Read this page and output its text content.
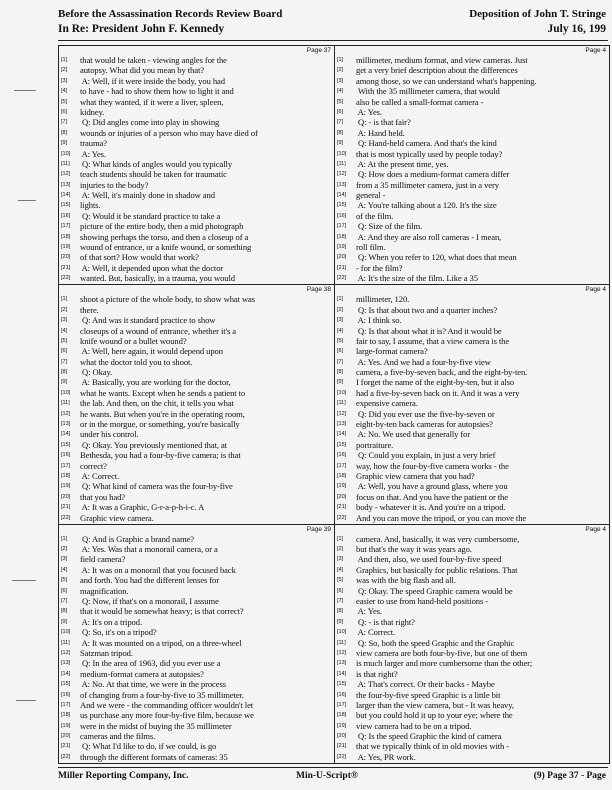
Before the Assassination Records Review Board
In Re: President John F. Kennedy
Deposition of John T. Stringe
July 16, 199
Page 37
[1] that would be taken - viewing angles for the
[2] autopsy. What did you mean by that?
[3] A: Well, if it were inside the body, you had
[4] to have - had to show them how to light it and
[5] what they wanted, if it were a liver, spleen,
[6] kidney.
[7] Q: Did angles come into play in showing
[8] wounds or injuries of a person who may have died of
[9] trauma?
[10] A: Yes.
[11] Q: What kinds of angles would you typically
[12] teach students should be taken for traumatic
[13] injuries to the body?
[14] A: Well, it's mainly done in shadow and
[15] lights.
[16] Q: Would it be standard practice to take a
[17] picture of the entire body, then a mid photograph
[18] showing perhaps the torso, and then a closeup of a
[19] wound of entrance, or a knife wound, or something
[20] of that sort? How would that work?
[21] A: Well, it depended upon what the doctor
[22] wanted. But, basically, in a trauma, you would
Page 4
[1] millimeter, medium format, and view cameras. Just
[2] get a very brief description about the differences
[3] among those, so we can understand what's happening.
[4] With the 35 millimeter camera, that would
[5] also be called a small-format camera -
[6] A: Yes.
[7] Q: - is that fair?
[8] A: Hand held.
[9] Q: Hand-held camera. And that's the kind
[10] that is most typically used by people today?
[11] A: At the present time, yes.
[12] Q: How does a medium-format camera differ
[13] from a 35 millimeter camera, just in a very
[14] general -
[15] A: You're talking about a 120. It's the size
[16] of the film.
[17] Q: Size of the film.
[18] A: And they are also roll cameras - I mean,
[19] roll film.
[20] Q: When you refer to 120, what does that mean
[21] - for the film?
[22] A: It's the size of the film. Like a 35
Page 38
[1] shoot a picture of the whole body, to show what was
[2] there.
[3] Q: And was it standard practice to show
[4] closeups of a wound of entrance, whether it's a
[5] knife wound or a bullet wound?
[6] A: Well, here again, it would depend upon
[7] what the doctor told you to shoot.
[8] Q: Okay.
[9] A: Basically, you are working for the doctor,
[10] what he wants. Except when he sends a patient to
[11] the lab. And then, on the chit, it tells you what
[12] he wants. But when you're in the operating room,
[13] or in the morgue, or something, you're basically
[14] under his control.
[15] Q: Okay. You previously mentioned that, at
[16] Bethesda, you had a four-by-five camera; is that
[17] correct?
[18] A: Correct.
[19] Q: What kind of camera was the four-by-five
[20] that you had?
[21] A: It was a Graphic, G-r-a-p-h-i-c. A
[22] Graphic view camera.
Page 4
[1] millimeter, 120.
[2] Q: Is that about two and a quarter inches?
[3] A: I think so.
[4] Q: Is that about what it is? And it would be
[5] fair to say, I assume, that a view camera is the
[6] large-format camera?
[7] A: Yes. And we had a four-by-five view
[8] camera, a five-by-seven back, and the eight-by-ten.
[9] I forget the name of the eight-by-ten, but it also
[10] had a five-by-seven back on it. And it was a very
[11] expensive camera.
[12] Q: Did you ever use the five-by-seven or
[13] eight-by-ten back cameras for autopsies?
[14] A: No. We used that generally for
[15] portraiture.
[16] Q: Could you explain, in just a very brief
[17] way, how the four-by-five camera works - the
[18] Graphic view camera that you had?
[19] A: Well, you have a ground glass, where you
[20] focus on that. And you have the patient or the
[21] body - whatever it is. And you're on a tripod.
[22] And you can move the tripod, or you can move the
Page 39
[1] Q: And is Graphic a brand name?
[2] A: Yes. Was that a monorail camera, or a
[3] field camera?
[4] A: It was on a monorail that you focused back
[5] and forth. You had the different lenses for
[6] magnification.
[7] Q: Now, if that's on a monorail, I assume
[8] that it would be somewhat heavy; is that correct?
[9] A: It's on a tripod.
[10] Q: So, it's on a tripod?
[11] A: It was mounted on a tripod, on a three-wheel
[12] Satzman tripod.
[13] Q: In the area of 1963, did you ever use a
[14] medium-format camera at autopsies?
[15] A: No. At that time, we were in the process
[16] of changing from a four-by-five to 35 millimeter.
[17] And we were - the commanding officer wouldn't let
[18] us purchase any more four-by-five film, because we
[19] were in the midst of buying the 35 millimeter
[20] cameras and the films.
[21] Q: What I'd like to do, if we could, is go
[22] through the different formats of cameras: 35
Page 4
[1] camera. And, basically, it was very cumbersome,
[2] but that's the way it was years ago.
[3] And then, also, we used four-by-five speed
[4] Graphics, but basically for public relations. That
[5] was with the big flash and all.
[6] Q: Okay. The speed Graphic camera would be
[7] easier to use from hand-held positions -
[8] A: Yes.
[9] Q: - is that right?
[10] A: Correct.
[11] Q: So, both the speed Graphic and the Graphic
[12] view camera are both four-by-five, but one of them
[13] is much larger and more cumbersome than the other;
[14] is that right?
[15] A: That's correct. Or their backs - Maybe
[16] the four-by-five speed Graphic is a little bit
[17] larger than the view camera, but - It was heavy,
[18] but you could hold it up to your eye; where the
[19] view camera had to be on a tripod.
[20] Q: Is the speed Graphic the kind of camera
[21] that we typically think of in old movies with -
[22] A: Yes, PR work.
Miller Reporting Company, Inc.	Min-U-Script®	(9) Page 37 - Page
